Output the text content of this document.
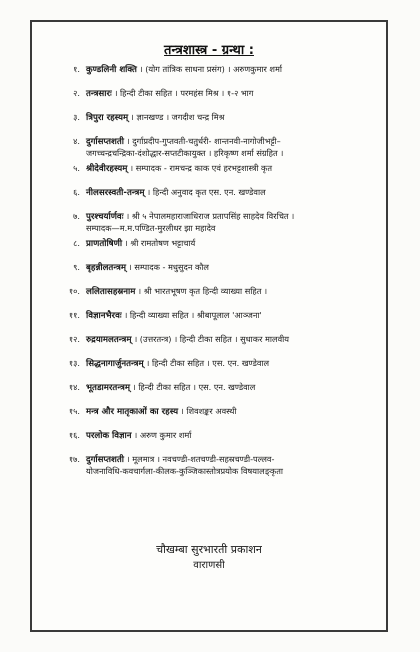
तन्त्रशास्त्र - ग्रन्था :
१. कुण्डलिनी शक्ति । (योग तांत्रिक साधना प्रसंग) । अरुणकुमार शर्मा
२. तन्त्रसारः । हिन्दी टीका सहित । परमहंस मिश्र । १-२ भाग
३. त्रिपुरा रहस्यम् । ज्ञानखण्ड । जगदीश चन्द्र मिश्र
४. दुर्गासप्तशती । दुर्गाप्रदीप-गुप्तवती-चतुर्धरी- शान्तनवी-नागोजीभट्टी–
जगच्चन्द्रचन्द्रिका-दंशोद्धार-सप्तटीकायुक्त । हरिकृष्ण शर्मा संग्रहित ।
५. श्रीदेवीरहस्यम् । सम्पादक - रामचन्द्र काक एवं हरभट्टशास्त्री कृत
६. नीलसरस्वती-तन्त्रम् । हिन्दी अनुवाद कृत एस. एन. खण्डेवाल
७. पुरश्चर्यार्णवः । श्री ५ नेपालमहाराजाधिराज प्रतापसिंह साहदेव विरचित ।
सम्पादक—म.म.पण्डित-मुरलीधर झा महादेव
८. प्राणतोषिणी । श्री रामतोषण भट्टाचार्य
९. बृहन्नीलतन्त्रम् । सम्पादक - मधुसुदन कौल
१०. ललितासहस्रनाम । श्री भारतभूषण कृत हिन्दी व्याख्या सहित ।
११. विज्ञानभैरवः । हिन्दी व्याख्या सहित । श्रीबापूलाल 'आञ्जना'
१२. रुद्रयामलतन्त्रम् । (उत्तरतन्त्र) । हिन्दी टीका सहित । सुधाकर मालवीय
१३. सिद्धनागार्जुनतन्त्रम् । हिन्दी टीका सहित । एस. एन. खण्डेवाल
१४. भूतडामरतन्त्रम् । हिन्दी टीका सहित । एस. एन. खण्डेवाल
१५. मन्त्र और मातृकाओं का रहस्य । शिवशङ्कर अवस्थी
१६. परलोक विज्ञान । अरुण कुमार शर्मा
१७. दुर्गासप्तशती । मूलमात्र । नवचण्डी-शतचण्डी-सहस्रचण्डी-पल्लव-
योजनाविधि-कवचार्गला-कीलक-कुञ्जिकास्तोत्रप्रयोक विषयालङ्कृता
चौखम्बा सुरभारती प्रकाशन
वाराणसी
